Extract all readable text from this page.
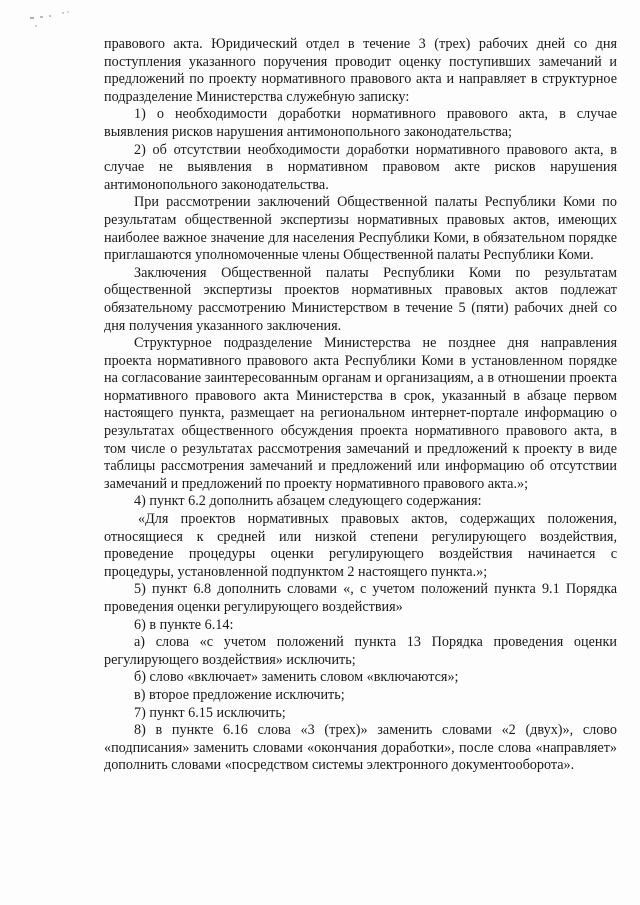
правового акта. Юридический отдел в течение 3 (трех) рабочих дней со дня поступления указанного поручения проводит оценку поступивших замечаний и предложений по проекту нормативного правового акта и направляет в структурное подразделение Министерства служебную записку:

1) о необходимости доработки нормативного правового акта, в случае выявления рисков нарушения антимонопольного законодательства;

2) об отсутствии необходимости доработки нормативного правового акта, в случае не выявления в нормативном правовом акте рисков нарушения антимонопольного законодательства.

При рассмотрении заключений Общественной палаты Республики Коми по результатам общественной экспертизы нормативных правовых актов, имеющих наиболее важное значение для населения Республики Коми, в обязательном порядке приглашаются уполномоченные члены Общественной палаты Республики Коми.

Заключения Общественной палаты Республики Коми по результатам общественной экспертизы проектов нормативных правовых актов подлежат обязательному рассмотрению Министерством в течение 5 (пяти) рабочих дней со дня получения указанного заключения.

Структурное подразделение Министерства не позднее дня направления проекта нормативного правового акта Республики Коми в установленном порядке на согласование заинтересованным органам и организациям, а в отношении проекта нормативного правового акта Министерства в срок, указанный в абзаце первом настоящего пункта, размещает на региональном интернет-портале информацию о результатах общественного обсуждения проекта нормативного правового акта, в том числе о результатах рассмотрения замечаний и предложений к проекту в виде таблицы рассмотрения замечаний и предложений или информацию об отсутствии замечаний и предложений по проекту нормативного правового акта.»;

4) пункт 6.2 дополнить абзацем следующего содержания:

«Для проектов нормативных правовых актов, содержащих положения, относящиеся к средней или низкой степени регулирующего воздействия, проведение процедуры оценки регулирующего воздействия начинается с процедуры, установленной подпунктом 2 настоящего пункта.»;

5) пункт 6.8 дополнить словами «, с учетом положений пункта 9.1 Порядка проведения оценки регулирующего воздействия»

6) в пункте 6.14:

а) слова «с учетом положений пункта 13 Порядка проведения оценки регулирующего воздействия» исключить;

б) слово «включает» заменить словом «включаются»;

в) второе предложение исключить;

7) пункт 6.15 исключить;

8) в пункте 6.16 слова «3 (трех)» заменить словами «2 (двух)», слово «подписания» заменить словами «окончания доработки», после слова «направляет» дополнить словами «посредством системы электронного документооборота».
